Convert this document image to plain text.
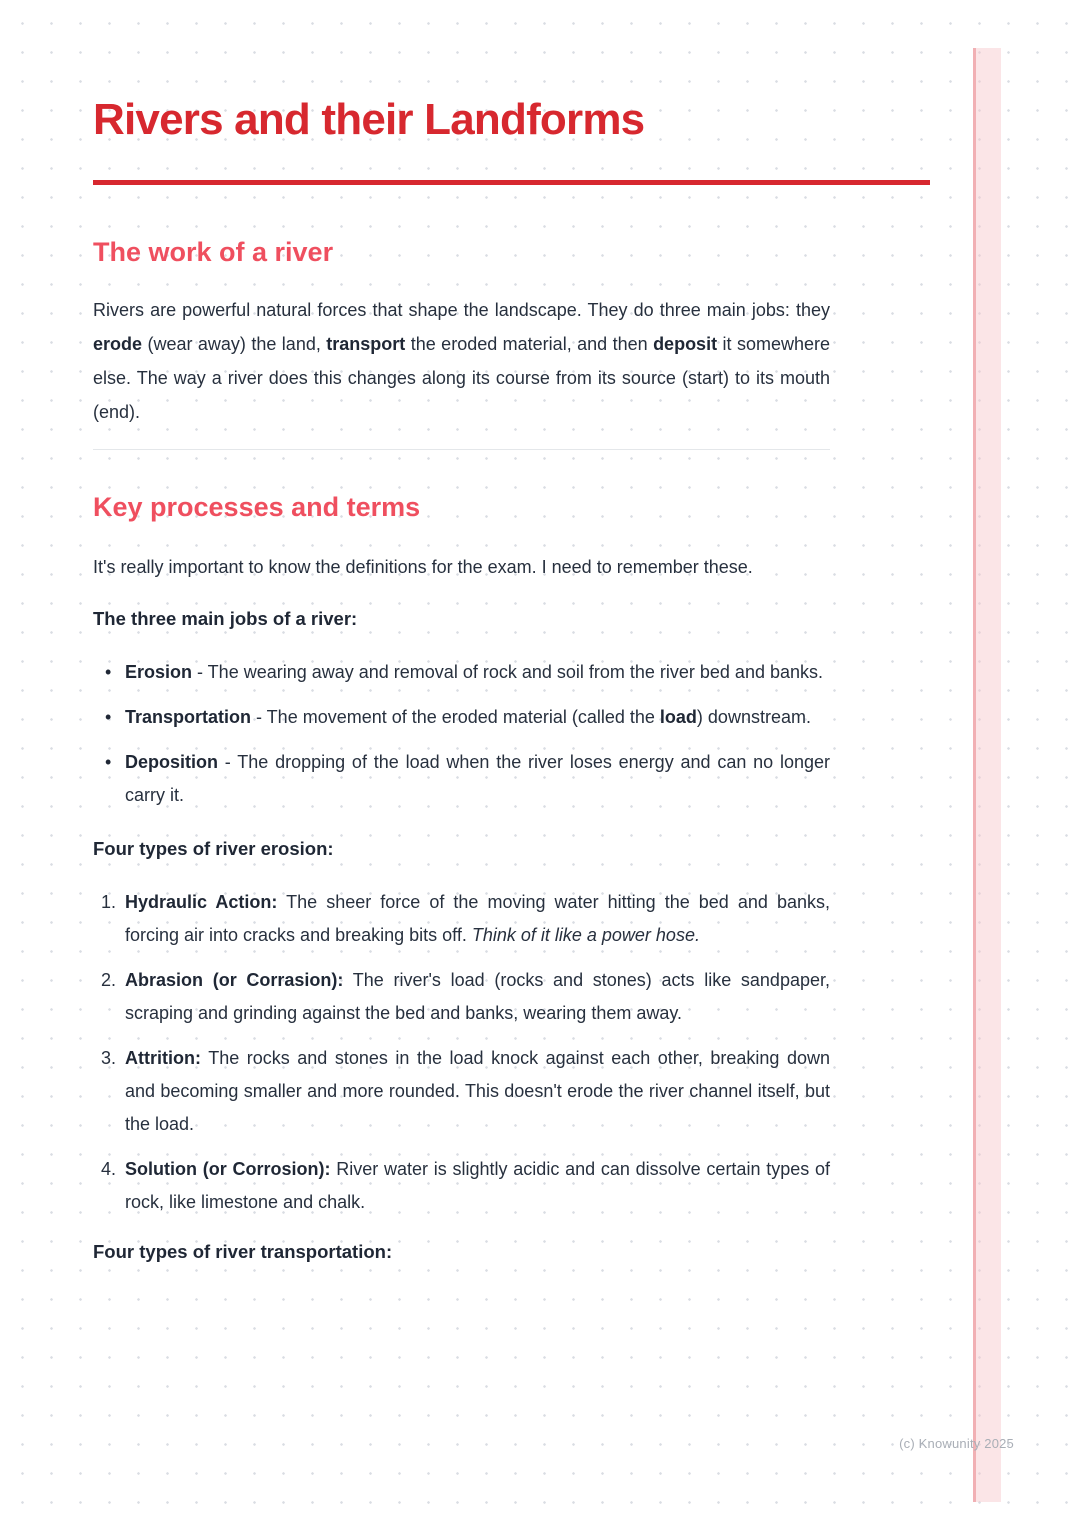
Rivers and their Landforms
The work of a river

Rivers are powerful natural forces that shape the landscape. They do three main jobs: they erode (wear away) the land, transport the eroded material, and then deposit it somewhere else. The way a river does this changes along its course from its source (start) to its mouth (end).

Key processes and terms

It's really important to know the definitions for the exam. I need to remember these.

The three main jobs of a river:

• Erosion - The wearing away and removal of rock and soil from the river bed and banks.
• Transportation - The movement of the eroded material (called the load) downstream.
• Deposition - The dropping of the load when the river loses energy and can no longer carry it.

Four types of river erosion:

1. Hydraulic Action: The sheer force of the moving water hitting the bed and banks, forcing air into cracks and breaking bits off. Think of it like a power hose.
2. Abrasion (or Corrasion): The river's load (rocks and stones) acts like sandpaper, scraping and grinding against the bed and banks, wearing them away.
3. Attrition: The rocks and stones in the load knock against each other, breaking down and becoming smaller and more rounded. This doesn't erode the river channel itself, but the load.
4. Solution (or Corrosion): River water is slightly acidic and can dissolve certain types of rock, like limestone and chalk.

Four types of river transportation:

(c) Knowunity 2025
